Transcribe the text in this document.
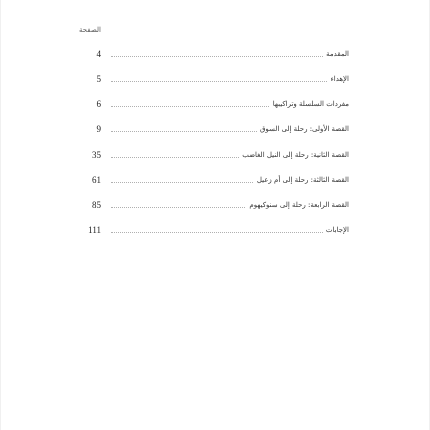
الصفحة
المقدمة
4
الإهداء
5
مفردات السلسلة وتراكيبها
6
القصة الأولى: رحلة إلى السوق
9
القصة الثانية: رحلة إلى النيل الغاضب
35
القصة الثالثة: رحلة إلى أم زعيل
61
القصة الرابعة: رحلة إلى سنوكيهوم
85
الإجابات
111
